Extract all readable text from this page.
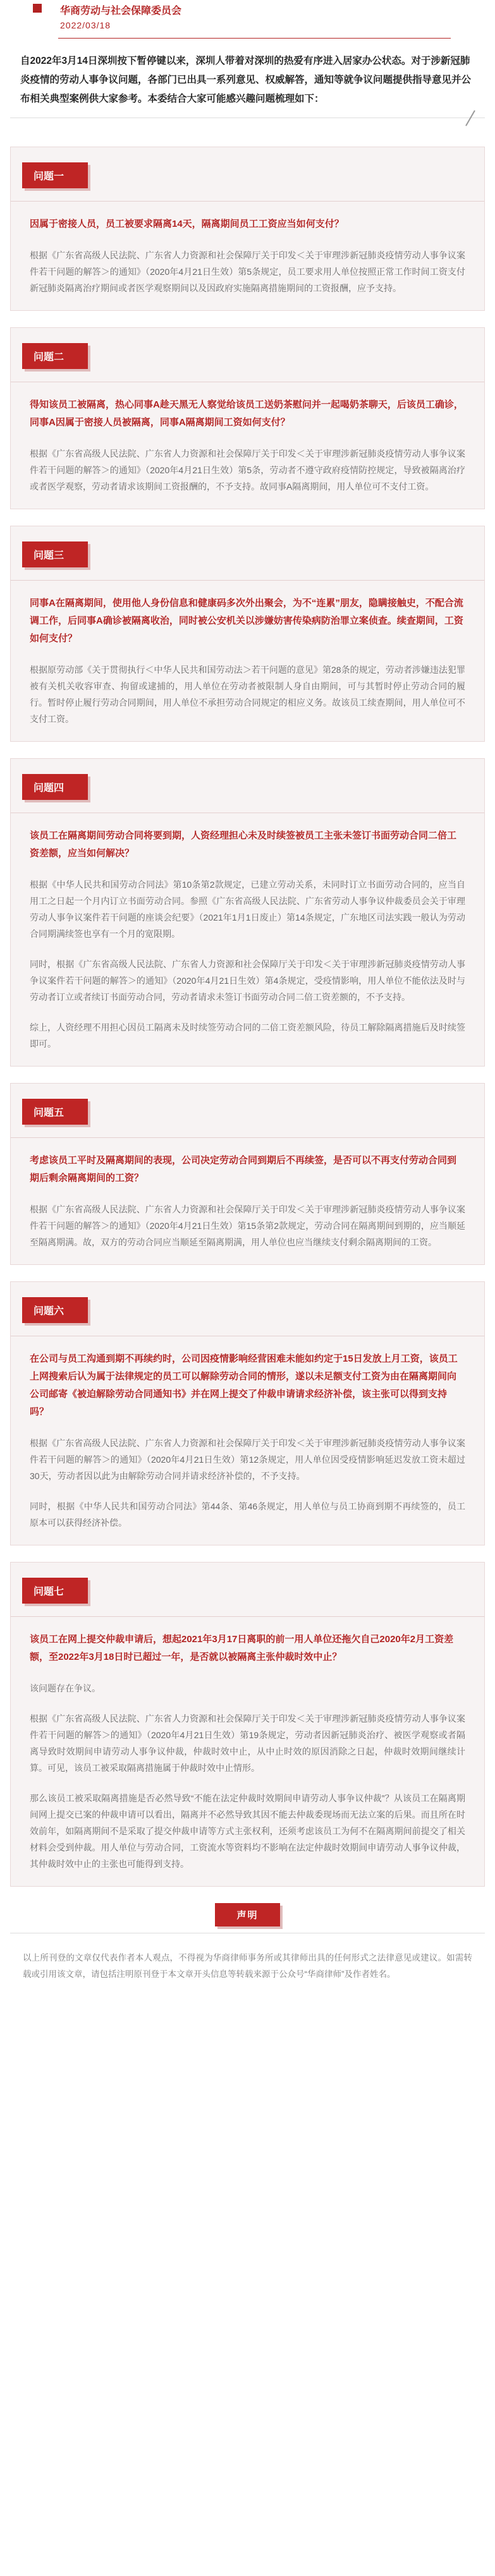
华商劳动与社会保障委员会
2022/03/18
自2022年3月14日深圳按下暂停键以来，深圳人带着对深圳的热爱有序进入居家办公状态。对于涉新冠肺炎疫情的劳动人事争议问题，各部门已出具一系列意见、权威解答，通知等就争议问题提供指导意见并公布相关典型案例供大家参考。本委结合大家可能感兴趣问题梳理如下：
问题一
因属于密接人员，员工被要求隔离14天，隔离期间员工工资应当如何支付？

根据《广东省高级人民法院、广东省人力资源和社会保障厅关于印发＜关于审理涉新冠肺炎疫情劳动人事争议案件若干问题的解答＞的通知》（2020年4月21日生效）第5条规定，员工要求用人单位按照正常工作时间工资支付新冠肺炎隔离治疗期间或者医学观察期间以及因政府实施隔离措施期间的工资报酬，应予支持。

问题二
得知该员工被隔离，热心同事A趁天黑无人察觉给该员工送奶茶慰问并一起喝奶茶聊天，后该员工确诊，同事A因属于密接人员被隔离，同事A隔离期间工资如何支付？

根据《广东省高级人民法院、广东省人力资源和社会保障厅关于印发＜关于审理涉新冠肺炎疫情劳动人事争议案件若干问题的解答＞的通知》（2020年4月21日生效）第5条，劳动者不遵守政府疫情防控规定，导致被隔离治疗或者医学观察，劳动者请求该期间工资报酬的，不予支持。故同事A隔离期间，用人单位可不支付工资。

问题三
同事A在隔离期间，使用他人身份信息和健康码多次外出聚会，为不“连累”朋友，隐瞒接触史，不配合流调工作，后同事A确诊被隔离收治，同时被公安机关以涉嫌妨害传染病防治罪立案侦查。续查期间，工资如何支付？

根据原劳动部《关于贯彻执行＜中华人民共和国劳动法＞若干问题的意见》第28条的规定，劳动者涉嫌违法犯罪被有关机关收容审查、拘留或逮捕的，用人单位在劳动者被限制人身自由期间，可与其暂时停止劳动合同的履行。暂时停止履行劳动合同期间，用人单位不承担劳动合同规定的相应义务。故该员工续查期间，用人单位可不支付工资。

问题四
该员工在隔离期间劳动合同将要到期，人资经理担心未及时续签被员工主张未签订书面劳动合同二倍工资差额，应当如何解决？

根据《中华人民共和国劳动合同法》第10条第2款规定，已建立劳动关系，未同时订立书面劳动合同的，应当自用工之日起一个月内订立书面劳动合同。参照《广东省高级人民法院、广东省劳动人事争议仲裁委员会关于审理劳动人事争议案件若干问题的座谈会纪要》（2021年1月1日废止）第14条规定，广东地区司法实践一般认为劳动合同期满续签也享有一个月的宽限期。

同时，根据《广东省高级人民法院、广东省人力资源和社会保障厅关于印发＜关于审理涉新冠肺炎疫情劳动人事争议案件若干问题的解答＞的通知》（2020年4月21日生效）第4条规定，受疫情影响，用人单位不能依法及时与劳动者订立或者续订书面劳动合同，劳动者请求未签订书面劳动合同二倍工资差额的，不予支持。

综上，人资经理不用担心因员工隔离未及时续签劳动合同的二倍工资差额风险，待员工解除隔离措施后及时续签即可。

问题五
考虑该员工平时及隔离期间的表现，公司决定劳动合同到期后不再续签，是否可以不再支付劳动合同到期后剩余隔离期间的工资？

根据《广东省高级人民法院、广东省人力资源和社会保障厅关于印发＜关于审理涉新冠肺炎疫情劳动人事争议案件若干问题的解答＞的通知》（2020年4月21日生效）第15条第2款规定，劳动合同在隔离期间到期的，应当顺延至隔离期满。故，双方的劳动合同应当顺延至隔离期满，用人单位也应当继续支付剩余隔离期间的工资。

问题六
在公司与员工沟通到期不再续约时，公司因疫情影响经营困难未能如约定于15日发放上月工资，该员工上网搜索后认为属于法律规定的员工可以解除劳动合同的情形，遂以未足额支付工资为由在隔离期间向公司邮寄《被迫解除劳动合同通知书》并在网上提交了仲裁申请请求经济补偿，该主张可以得到支持吗？

根据《广东省高级人民法院、广东省人力资源和社会保障厅关于印发＜关于审理涉新冠肺炎疫情劳动人事争议案件若干问题的解答＞的通知》（2020年4月21日生效）第12条规定，用人单位因受疫情影响延迟发放工资未超过30天，劳动者因以此为由解除劳动合同并请求经济补偿的，不予支持。

同时，根据《中华人民共和国劳动合同法》第44条、第46条规定，用人单位与员工协商到期不再续签的，员工原本可以获得经济补偿。

问题七
该员工在网上提交仲裁申请后，想起2021年3月17日离职的前一用人单位还拖欠自己2020年2月工资差额，至2022年3月18日时已超过一年，是否就以被隔离主张仲裁时效中止？

该问题存在争议。

根据《广东省高级人民法院、广东省人力资源和社会保障厅关于印发＜关于审理涉新冠肺炎疫情劳动人事争议案件若干问题的解答＞的通知》（2020年4月21日生效）第19条规定，劳动者因新冠肺炎治疗、被医学观察或者隔离导致时效期间申请劳动人事争议仲裁，仲裁时效中止，从中止时效的原因消除之日起，仲裁时效期间继续计算。可见，该员工被采取隔离措施属于仲裁时效中止情形。

那么该员工被采取隔离措施是否必然导致“不能在法定仲裁时效期间申请劳动人事争议仲裁”？从该员工在隔离期间网上提交已案的仲裁申请可以看出，隔离并不必然导致其因不能去仲裁委现场而无法立案的后果。而且所在时效前年，如隔离期间不是采取了提交仲裁申请等方式主张权利，还须考虑该员工为何不在隔离期间前提交了相关材料会受到仲裁。用人单位与劳动合同，工资流水等资料均不影响在法定仲裁时效期间申请劳动人事争议仲裁，其仲裁时效中止的主张也可能得到支持。

声明
以上所刊登的文章仅代表作者本人观点，不得视为华商律师事务所或其律师出具的任何形式之法律意见或建议。如需转载或引用该文章，请包括注明原刊登于本文章开头信息等转载来源于公众号“华商律师”及作者姓名。
